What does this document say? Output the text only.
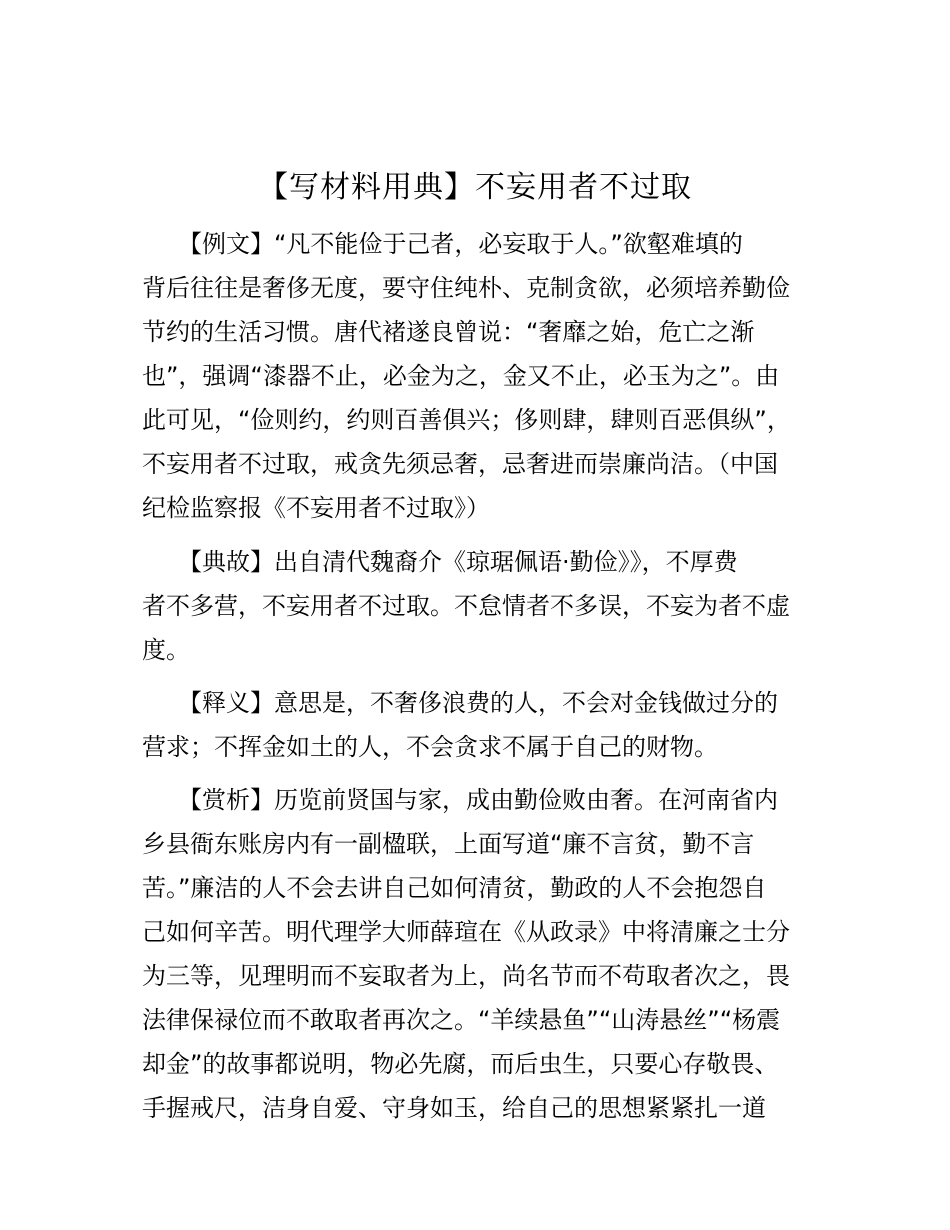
【写材料用典】不妄用者不过取

　　【例文】“凡不能俭于己者，必妄取于人。”欲壑难填的
背后往往是奢侈无度，要守住纯朴、克制贪欲，必须培养勤俭
节约的生活习惯。唐代褚遂良曾说：“奢靡之始，危亡之渐
也”，强调“漆器不止，必金为之，金又不止，必玉为之”。由
此可见，“俭则约，约则百善俱兴；侈则肆，肆则百恶俱纵”，
不妄用者不过取，戒贪先须忌奢，忌奢进而崇廉尚洁。（中国
纪检监察报《不妄用者不过取》）

　　【典故】出自清代魏裔介《琼琚佩语·勤俭》》，不厚费
者不多营，不妄用者不过取。不怠情者不多误，不妄为者不虚
度。

　　【释义】意思是，不奢侈浪费的人，不会对金钱做过分的
营求；不挥金如土的人，不会贪求不属于自己的财物。

　　【赏析】历览前贤国与家，成由勤俭败由奢。在河南省内
乡县衙东账房内有一副楹联，上面写道“廉不言贫，勤不言
苦。”廉洁的人不会去讲自己如何清贫，勤政的人不会抱怨自
己如何辛苦。明代理学大师薛瑄在《从政录》中将清廉之士分
为三等，见理明而不妄取者为上，尚名节而不苟取者次之，畏
法律保禄位而不敢取者再次之。“羊续悬鱼”“山涛悬丝”“杨震
却金”的故事都说明，物必先腐，而后虫生，只要心存敬畏、
手握戒尺，洁身自爱、守身如玉，给自己的思想紧紧扎一道
